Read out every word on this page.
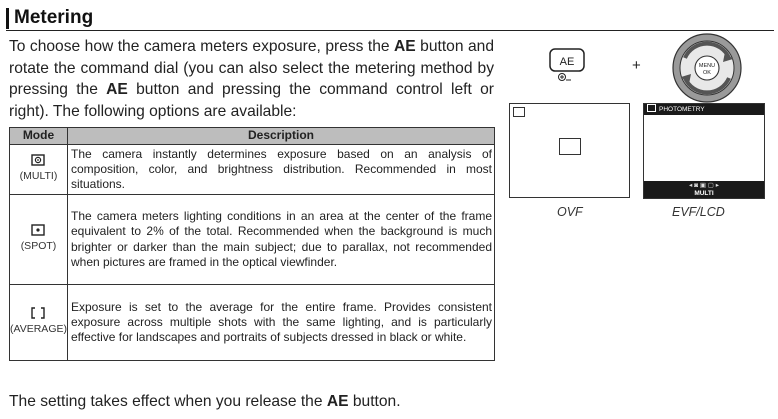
Metering

To choose how the camera meters exposure, press the AE button and rotate the command dial (you can also select the metering method by pressing the AE button and pressing the command control left or right). The following options are available:

Mode	Description

(MULTI)	The camera instantly determines exposure based on an analysis of composition, color, and brightness distribution. Recommended in most situations.

(SPOT)	The camera meters lighting conditions in an area at the center of the frame equivalent to 2% of the total. Recommended when the background is much brighter or darker than the main subject; due to parallax, not recommended when pictures are framed in the optical viewfinder.

(AVERAGE)	Exposure is set to the average for the entire frame. Provides consistent exposure across multiple shots with the same lighting, and is particularly effective for landscapes and portraits of subjects dressed in black or white.
AE	+	MENU
OK
OVF
PHOTOMETRY
◂ ◙ ▣ ▢ ▸
MULTI
EVF/LCD

The setting takes effect when you release the AE button.
